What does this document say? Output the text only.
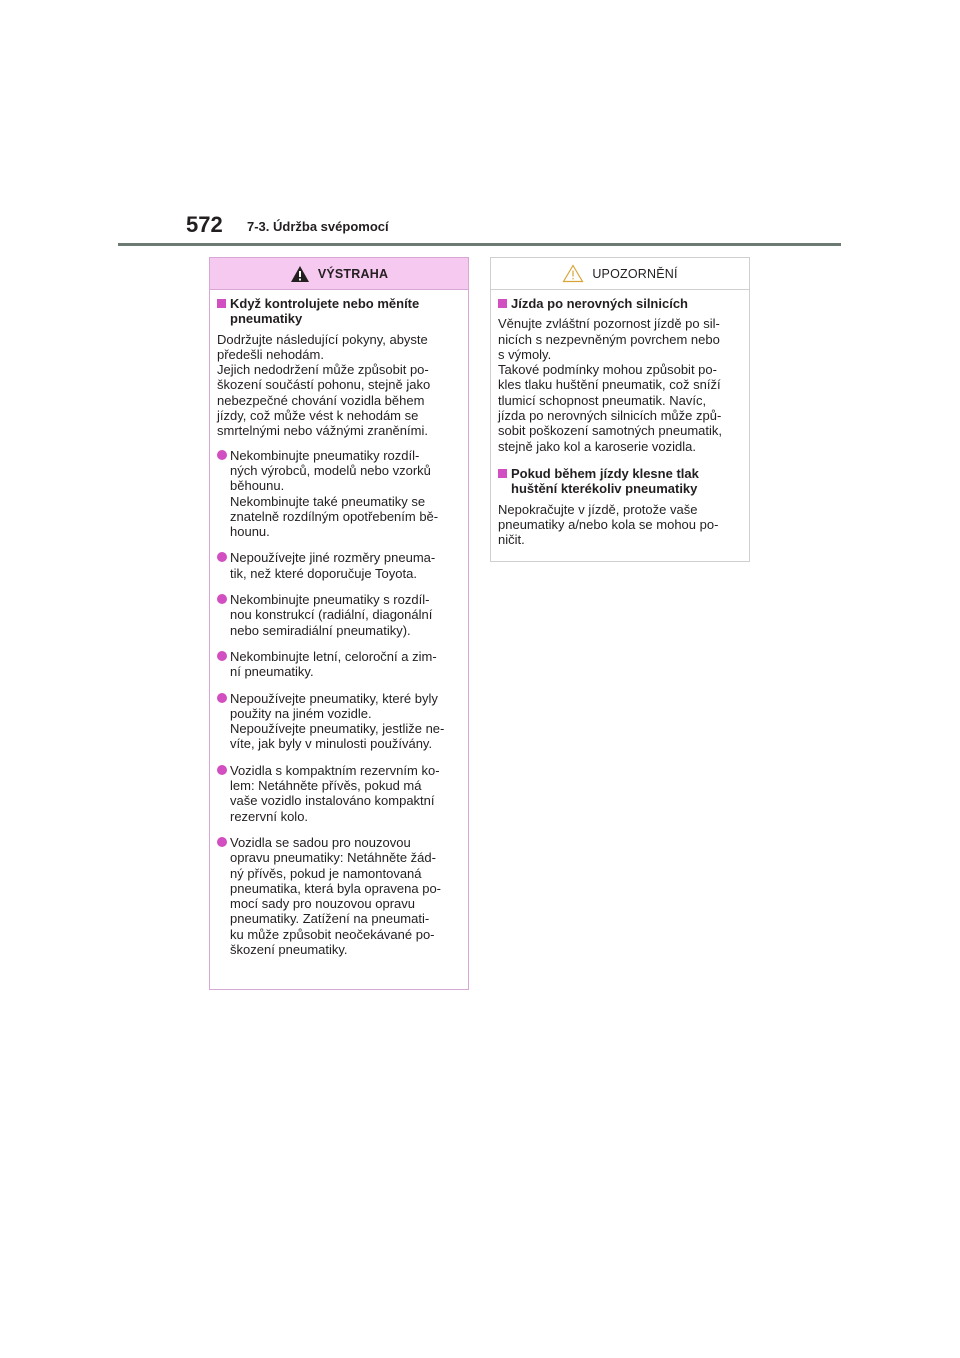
572 7-3. Údržba svépomocí
VÝSTRAHA
Když kontrolujete nebo měníte
pneumatiky
Dodržujte následující pokyny, abyste
předešli nehodám.
Jejich nedodržení může způsobit po-
škození součástí pohonu, stejně jako
nebezpečné chování vozidla během
jízdy, což může vést k nehodám se
smrtelnými nebo vážnými zraněními.
Nekombinujte pneumatiky rozdíl-
ných výrobců, modelů nebo vzorků
běhounu.
Nekombinujte také pneumatiky se
znatelně rozdílným opotřebením bě-
hounu.
Nepoužívejte jiné rozměry pneuma-
tik, než které doporučuje Toyota.
Nekombinujte pneumatiky s rozdíl-
nou konstrukcí (radiální, diagonální
nebo semiradiální pneumatiky).
Nekombinujte letní, celoroční a zim-
ní pneumatiky.
Nepoužívejte pneumatiky, které byly
použity na jiném vozidle.
Nepoužívejte pneumatiky, jestliže ne-
víte, jak byly v minulosti používány.
Vozidla s kompaktním rezervním ko-
lem: Netáhněte přívěs, pokud má
vaše vozidlo instalováno kompaktní
rezervní kolo.
Vozidla se sadou pro nouzovou
opravu pneumatiky: Netáhněte žád-
ný přívěs, pokud je namontovaná
pneumatika, která byla opravena po-
mocí sady pro nouzovou opravu
pneumatiky. Zatížení na pneumati-
ku může způsobit neočekávané po-
škození pneumatiky.
UPOZORNĚNÍ
Jízda po nerovných silnicích
Věnujte zvláštní pozornost jízdě po sil-
nicích s nezpevněným povrchem nebo
s výmoly.
Takové podmínky mohou způsobit po-
kles tlaku huštění pneumatik, což sníží
tlumicí schopnost pneumatik. Navíc,
jízda po nerovných silnicích může způ-
sobit poškození samotných pneumatik,
stejně jako kol a karoserie vozidla.
Pokud během jízdy klesne tlak
huštění kterékoliv pneumatiky
Nepokračujte v jízdě, protože vaše
pneumatiky a/nebo kola se mohou po-
ničit.
